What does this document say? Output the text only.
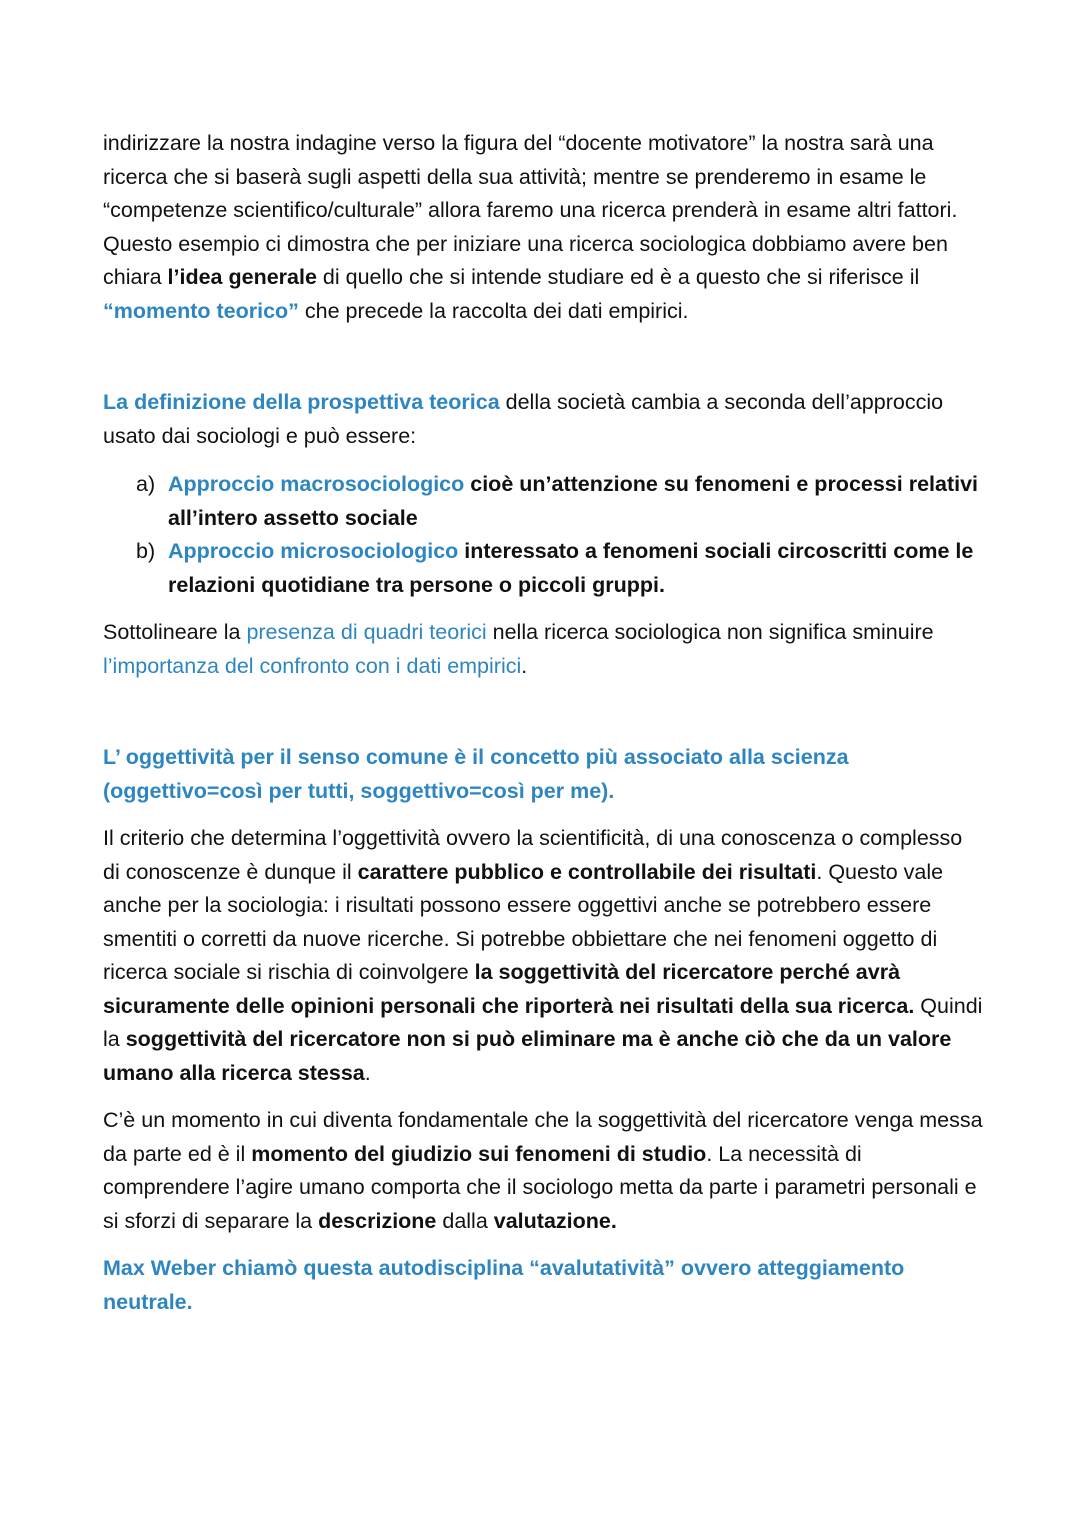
indirizzare la nostra indagine verso la figura del “docente motivatore” la nostra sarà una ricerca che si baserà sugli aspetti della sua attività; mentre se prenderemo in esame le “competenze scientifico/culturale” allora faremo una ricerca prenderà in esame altri fattori. Questo esempio ci dimostra che per iniziare una ricerca sociologica dobbiamo avere ben chiara l’idea generale di quello che si intende studiare ed è a questo che si riferisce il “momento teorico” che precede la raccolta dei dati empirici.

La definizione della prospettiva teorica della società cambia a seconda dell’approccio usato dai sociologi e può essere:

a) Approccio macrosociologico cioè un’attenzione su fenomeni e processi relativi all’intero assetto sociale
b) Approccio microsociologico interessato a fenomeni sociali circoscritti come le relazioni quotidiane tra persone o piccoli gruppi.

Sottolineare la presenza di quadri teorici nella ricerca sociologica non significa sminuire l’importanza del confronto con i dati empirici.

L’ oggettività per il senso comune è il concetto più associato alla scienza (oggettivo=così per tutti, soggettivo=così per me).

Il criterio che determina l’oggettività ovvero la scientificità, di una conoscenza o complesso di conoscenze è dunque il carattere pubblico e controllabile dei risultati. Questo vale anche per la sociologia: i risultati possono essere oggettivi anche se potrebbero essere smentiti o corretti da nuove ricerche. Si potrebbe obbiettare che nei fenomeni oggetto di ricerca sociale si rischia di coinvolgere la soggettività del ricercatore perché avrà sicuramente delle opinioni personali che riporterà nei risultati della sua ricerca. Quindi la soggettività del ricercatore non si può eliminare ma è anche ciò che da un valore umano alla ricerca stessa.

C’è un momento in cui diventa fondamentale che la soggettività del ricercatore venga messa da parte ed è il momento del giudizio sui fenomeni di studio. La necessità di comprendere l’agire umano comporta che il sociologo metta da parte i parametri personali e si sforzi di separare la descrizione dalla valutazione.

Max Weber chiamò questa autodisciplina “avalutatività” ovvero atteggiamento neutrale.
